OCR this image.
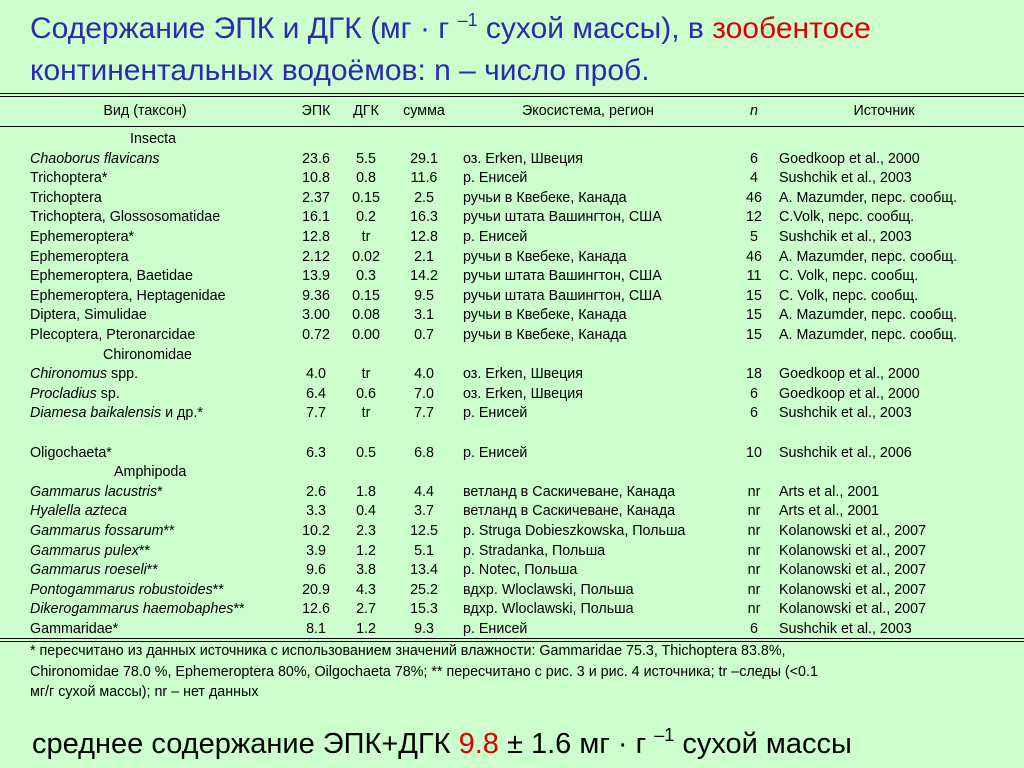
Содержание ЭПК и ДГК (мг · г $^{-1}$ сухой массы), в зообентосе
континентальных водоёмов: n – число проб.
Вид (таксон)	ЭПК	ДГК	сумма	Экосистема, регион	n	Источник
Insecta
Chaoborus flavicans	23.6	5.5	29.1	оз. Erken, Швеция	6	Goedkoop et al., 2000
Trichoptera*	10.8	0.8	11.6	р. Енисей	4	Sushchik et al., 2003
Trichoptera	2.37	0.15	2.5	ручьи в Квебеке, Канада	46	A. Mazumder, перс. сообщ.
Trichoptera, Glossosomatidae	16.1	0.2	16.3	ручьи штата Вашингтон, США	12	C.Volk, перс. сообщ.
Ephemeroptera*	12.8	tr	12.8	р. Енисей	5	Sushchik et al., 2003
Ephemeroptera	2.12	0.02	2.1	ручьи в Квебеке, Канада	46	A. Mazumder, перс. сообщ.
Ephemeroptera, Baetidae	13.9	0.3	14.2	ручьи штата Вашингтон, США	11	C. Volk, перс. сообщ.
Ephemeroptera, Heptagenidae	9.36	0.15	9.5	ручьи штата Вашингтон, США	15	C. Volk, перс. сообщ.
Diptera, Simulidae	3.00	0.08	3.1	ручьи в Квебеке, Канада	15	A. Mazumder, перс. сообщ.
Plecoptera, Pteronarcidae	0.72	0.00	0.7	ручьи в Квебеке, Канада	15	A. Mazumder, перс. сообщ.
Chironomidae
Chironomus spp.	4.0	tr	4.0	оз. Erken, Швеция	18	Goedkoop et al., 2000
Procladius sp.	6.4	0.6	7.0	оз. Erken, Швеция	6	Goedkoop et al., 2000
Diamesa baikalensis и др.*	7.7	tr	7.7	р. Енисей	6	Sushchik et al., 2003
Oligochaeta*	6.3	0.5	6.8	р. Енисей	10	Sushchik et al., 2006
Amphipoda
Gammarus lacustris*	2.6	1.8	4.4	ветланд в Саскичеване, Канада	nr	Arts et al., 2001
Hyalella azteca	3.3	0.4	3.7	ветланд в Саскичеване, Канада	nr	Arts et al., 2001
Gammarus fossarum**	10.2	2.3	12.5	р. Struga Dobieszkowska, Польша	nr	Kolanowski et al., 2007
Gammarus pulex**	3.9	1.2	5.1	р. Stradanka, Польша	nr	Kolanowski et al., 2007
Gammarus roeseli**	9.6	3.8	13.4	р. Notec, Польша	nr	Kolanowski et al., 2007
Pontogammarus robustoides**	20.9	4.3	25.2	вдхр. Wloclawski, Польша	nr	Kolanowski et al., 2007
Dikerogammarus haemobaphes**	12.6	2.7	15.3	вдхр. Wloclawski, Польша	nr	Kolanowski et al., 2007
Gammaridae*	8.1	1.2	9.3	р. Енисей	6	Sushchik et al., 2003
* пересчитано из данных источника с использованием значений влажности: Gammaridae 75.3, Thichoptera 83.8%,
Chironomidae 78.0 %, Ephemeroptera 80%, Oilgochaeta 78%; ** пересчитано с рис. 3 и рис. 4 источника; tr –следы (<0.1
мг/г сухой массы); nr – нет данных
среднее содержание ЭПК+ДГК 9.8 ± 1.6 мг · г $^{-1}$ сухой массы
